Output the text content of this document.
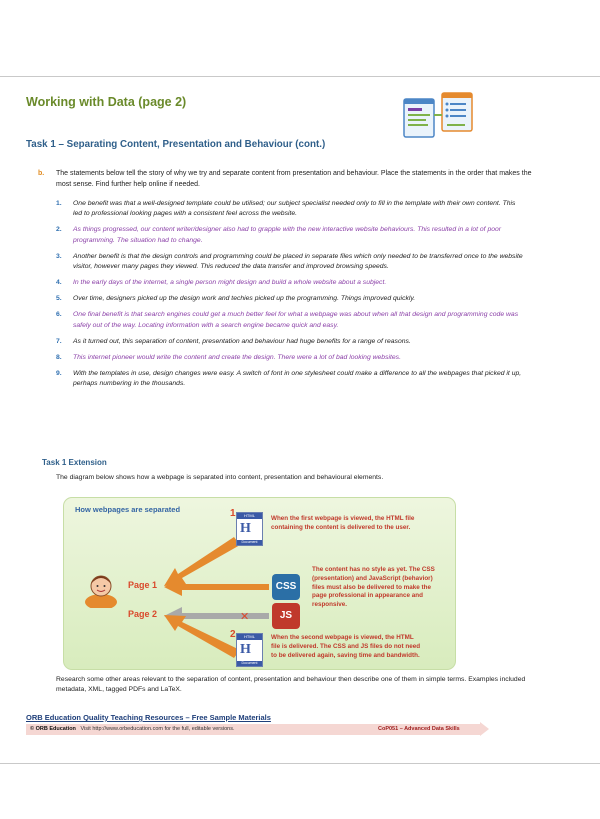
Working with Data (page 2)
Task 1 – Separating Content, Presentation and Behaviour (cont.)
b. The statements below tell the story of why we try and separate content from presentation and behaviour. Place the statements in the order that makes the most sense. Find further help online if needed.
1. One benefit was that a well-designed template could be utilised; our subject specialist needed only to fill in the template with their own content. This led to professional looking pages with a consistent feel across the website.
2. As things progressed, our content writer/designer also had to grapple with the new interactive website behaviours. This resulted in a lot of poor programming. The situation had to change.
3. Another benefit is that the design controls and programming could be placed in separate files which only needed to be transferred once to the website visitor, however many pages they viewed. This reduced the data transfer and improved browsing speeds.
4. In the early days of the internet, a single person might design and build a whole website about a subject.
5. Over time, designers picked up the design work and techies picked up the programming. Things improved quickly.
6. One final benefit is that search engines could get a much better feel for what a webpage was about when all that design and programming code was safely out of the way. Locating information with a search engine became quick and easy.
7. As it turned out, this separation of content, presentation and behaviour had huge benefits for a range of reasons.
8. This internet pioneer would write the content and create the design. There were a lot of bad looking websites.
9. With the templates in use, design changes were easy. A switch of font in one stylesheet could make a difference to all the webpages that picked it up, perhaps numbering in the thousands.
Task 1 Extension
The diagram below shows how a webpage is separated into content, presentation and behavioural elements.
How webpages are separated
✕
Page 1
Page 2
1	HTML
H
Document
When the first webpage is viewed, the HTML file containing the content is delivered to the user.
CSS
JS
The content has no style as yet. The CSS (presentation) and JavaScript (behavior) files must also be delivered to make the page professional in appearance and responsive.
2	HTML
H
Document
When the second webpage is viewed, the HTML file is delivered. The CSS and JS files do not need to be delivered again, saving time and bandwidth.
Research some other areas relevant to the separation of content, presentation and behaviour then describe one of them in simple terms. Examples included metadata, XML, tagged PDFs and LaTeX.
ORB Education Quality Teaching Resources – Free Sample Materials
© ORB Education Visit http://www.orbeducation.com for the full, editable versions.	CoP051 – Advanced Data Skills
